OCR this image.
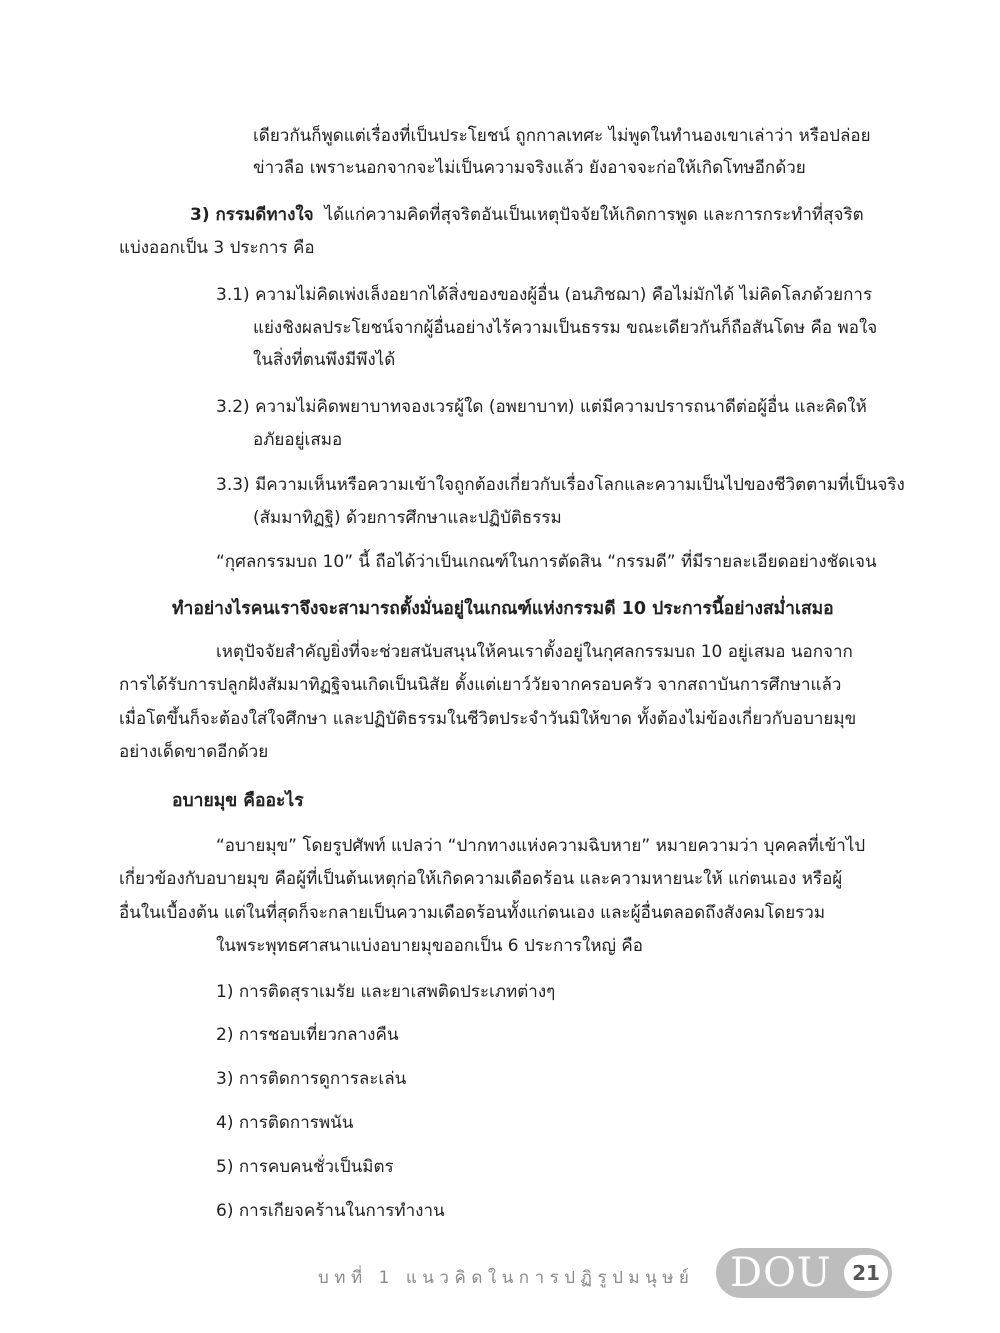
เดียวกันก็พูดแต่เรื่องที่เป็นประโยชน์ ถูกกาลเทศะ ไม่พูดในทำนองเขาเล่าว่า หรือปล่อย

ข่าวลือ เพราะนอกจากจะไม่เป็นความจริงแล้ว ยังอาจจะก่อให้เกิดโทษอีกด้วย

3) กรรมดีทางใจ ได้แก่ความคิดที่สุจริตอันเป็นเหตุปัจจัยให้เกิดการพูด และการกระทำที่สุจริต

แบ่งออกเป็น 3 ประการ คือ

3.1) ความไม่คิดเพ่งเล็งอยากได้สิ่งของของผู้อื่น (อนภิชฌา) คือไม่มักได้ ไม่คิดโลภด้วยการ

แย่งชิงผลประโยชน์จากผู้อื่นอย่างไร้ความเป็นธรรม ขณะเดียวกันก็ถือสันโดษ คือ พอใจ

ในสิ่งที่ตนพึงมีพึงได้

3.2) ความไม่คิดพยาบาทจองเวรผู้ใด (อพยาบาท) แต่มีความปรารถนาดีต่อผู้อื่น และคิดให้

อภัยอยู่เสมอ

3.3) มีความเห็นหรือความเข้าใจถูกต้องเกี่ยวกับเรื่องโลกและความเป็นไปของชีวิตตามที่เป็นจริง

(สัมมาทิฏฐิ) ด้วยการศึกษาและปฏิบัติธรรม

“กุศลกรรมบถ 10” นี้ ถือได้ว่าเป็นเกณฑ์ในการตัดสิน “กรรมดี” ที่มีรายละเอียดอย่างชัดเจน

ทำอย่างไรคนเราจึงจะสามารถตั้งมั่นอยู่ในเกณฑ์แห่งกรรมดี 10 ประการนี้อย่างสม่ำเสมอ

เหตุปัจจัยสำคัญยิ่งที่จะช่วยสนับสนุนให้คนเราตั้งอยู่ในกุศลกรรมบถ 10 อยู่เสมอ นอกจาก

การได้รับการปลูกฝังสัมมาทิฏฐิจนเกิดเป็นนิสัย ตั้งแต่เยาว์วัยจากครอบครัว จากสถาบันการศึกษาแล้ว

เมื่อโตขึ้นก็จะต้องใส่ใจศึกษา และปฏิบัติธรรมในชีวิตประจำวันมิให้ขาด ทั้งต้องไม่ข้องเกี่ยวกับอบายมุข

อย่างเด็ดขาดอีกด้วย

อบายมุข คืออะไร

“อบายมุข” โดยรูปศัพท์ แปลว่า “ปากทางแห่งความฉิบหาย” หมายความว่า บุคคลที่เข้าไป

เกี่ยวข้องกับอบายมุข คือผู้ที่เป็นต้นเหตุก่อให้เกิดความเดือดร้อน และความหายนะให้ แก่ตนเอง หรือผู้

อื่นในเบื้องต้น แต่ในที่สุดก็จะกลายเป็นความเดือดร้อนทั้งแก่ตนเอง และผู้อื่นตลอดถึงสังคมโดยรวม

ในพระพุทธศาสนาแบ่งอบายมุขออกเป็น 6 ประการใหญ่ คือ

1) การติดสุราเมรัย และยาเสพติดประเภทต่างๆ

2) การชอบเที่ยวกลางคืน

3) การติดการดูการละเล่น

4) การติดการพนัน

5) การคบคนชั่วเป็นมิตร

6) การเกียจคร้านในการทำงาน

บทที่ 1 แนวคิดในการปฏิรูปมนุษย์ DOU	21
